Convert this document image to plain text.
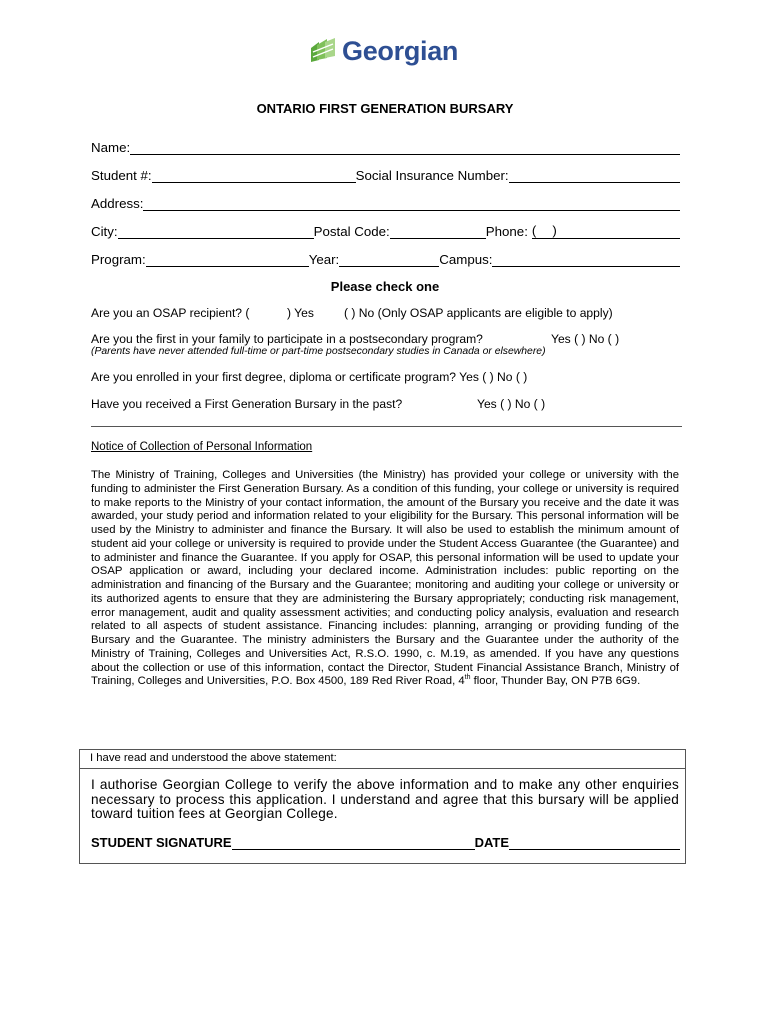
Georgian
ONTARIO FIRST GENERATION BURSARY
Name:
Student #:	Social Insurance Number:
Address:
City:	Postal Code:	Phone: ( )
Program:	Year:	Campus:
Please check one
Are you an OSAP recipient? (	) Yes ( ) No (Only OSAP applicants are eligible to apply)
Are you the first in your family to participate in a postsecondary program?	Yes ( ) No ( )
(Parents have never attended full-time or part-time postsecondary studies in Canada or elsewhere)
Are you enrolled in your first degree, diploma or certificate program? Yes ( ) No ( )
Have you received a First Generation Bursary in the past?	Yes ( ) No ( )
Notice of Collection of Personal Information
The Ministry of Training, Colleges and Universities (the Ministry) has provided your college or university with the funding to administer the First Generation Bursary. As a condition of this funding, your college or university is required to make reports to the Ministry of your contact information, the amount of the Bursary you receive and the date it was awarded, your study period and information related to your eligibility for the Bursary. This personal information will be used by the Ministry to administer and finance the Bursary. It will also be used to establish the minimum amount of student aid your college or university is required to provide under the Student Access Guarantee (the Guarantee) and to administer and finance the Guarantee. If you apply for OSAP, this personal information will be used to update your OSAP application or award, including your declared income. Administration includes: public reporting on the administration and financing of the Bursary and the Guarantee; monitoring and auditing your college or university or its authorized agents to ensure that they are administering the Bursary appropriately; conducting risk management, error management, audit and quality assessment activities; and conducting policy analysis, evaluation and research related to all aspects of student assistance. Financing includes: planning, arranging or providing funding of the Bursary and the Guarantee. The ministry administers the Bursary and the Guarantee under the authority of the Ministry of Training, Colleges and Universities Act, R.S.O. 1990, c. M.19, as amended. If you have any questions about the collection or use of this information, contact the Director, Student Financial Assistance Branch, Ministry of Training, Colleges and Universities, P.O. Box 4500, 189 Red River Road, 4th floor, Thunder Bay, ON P7B 6G9.
I have read and understood the above statement:
I authorise Georgian College to verify the above information and to make any other enquiries necessary to process this application. I understand and agree that this bursary will be applied toward tuition fees at Georgian College.
STUDENT SIGNATURE	DATE
